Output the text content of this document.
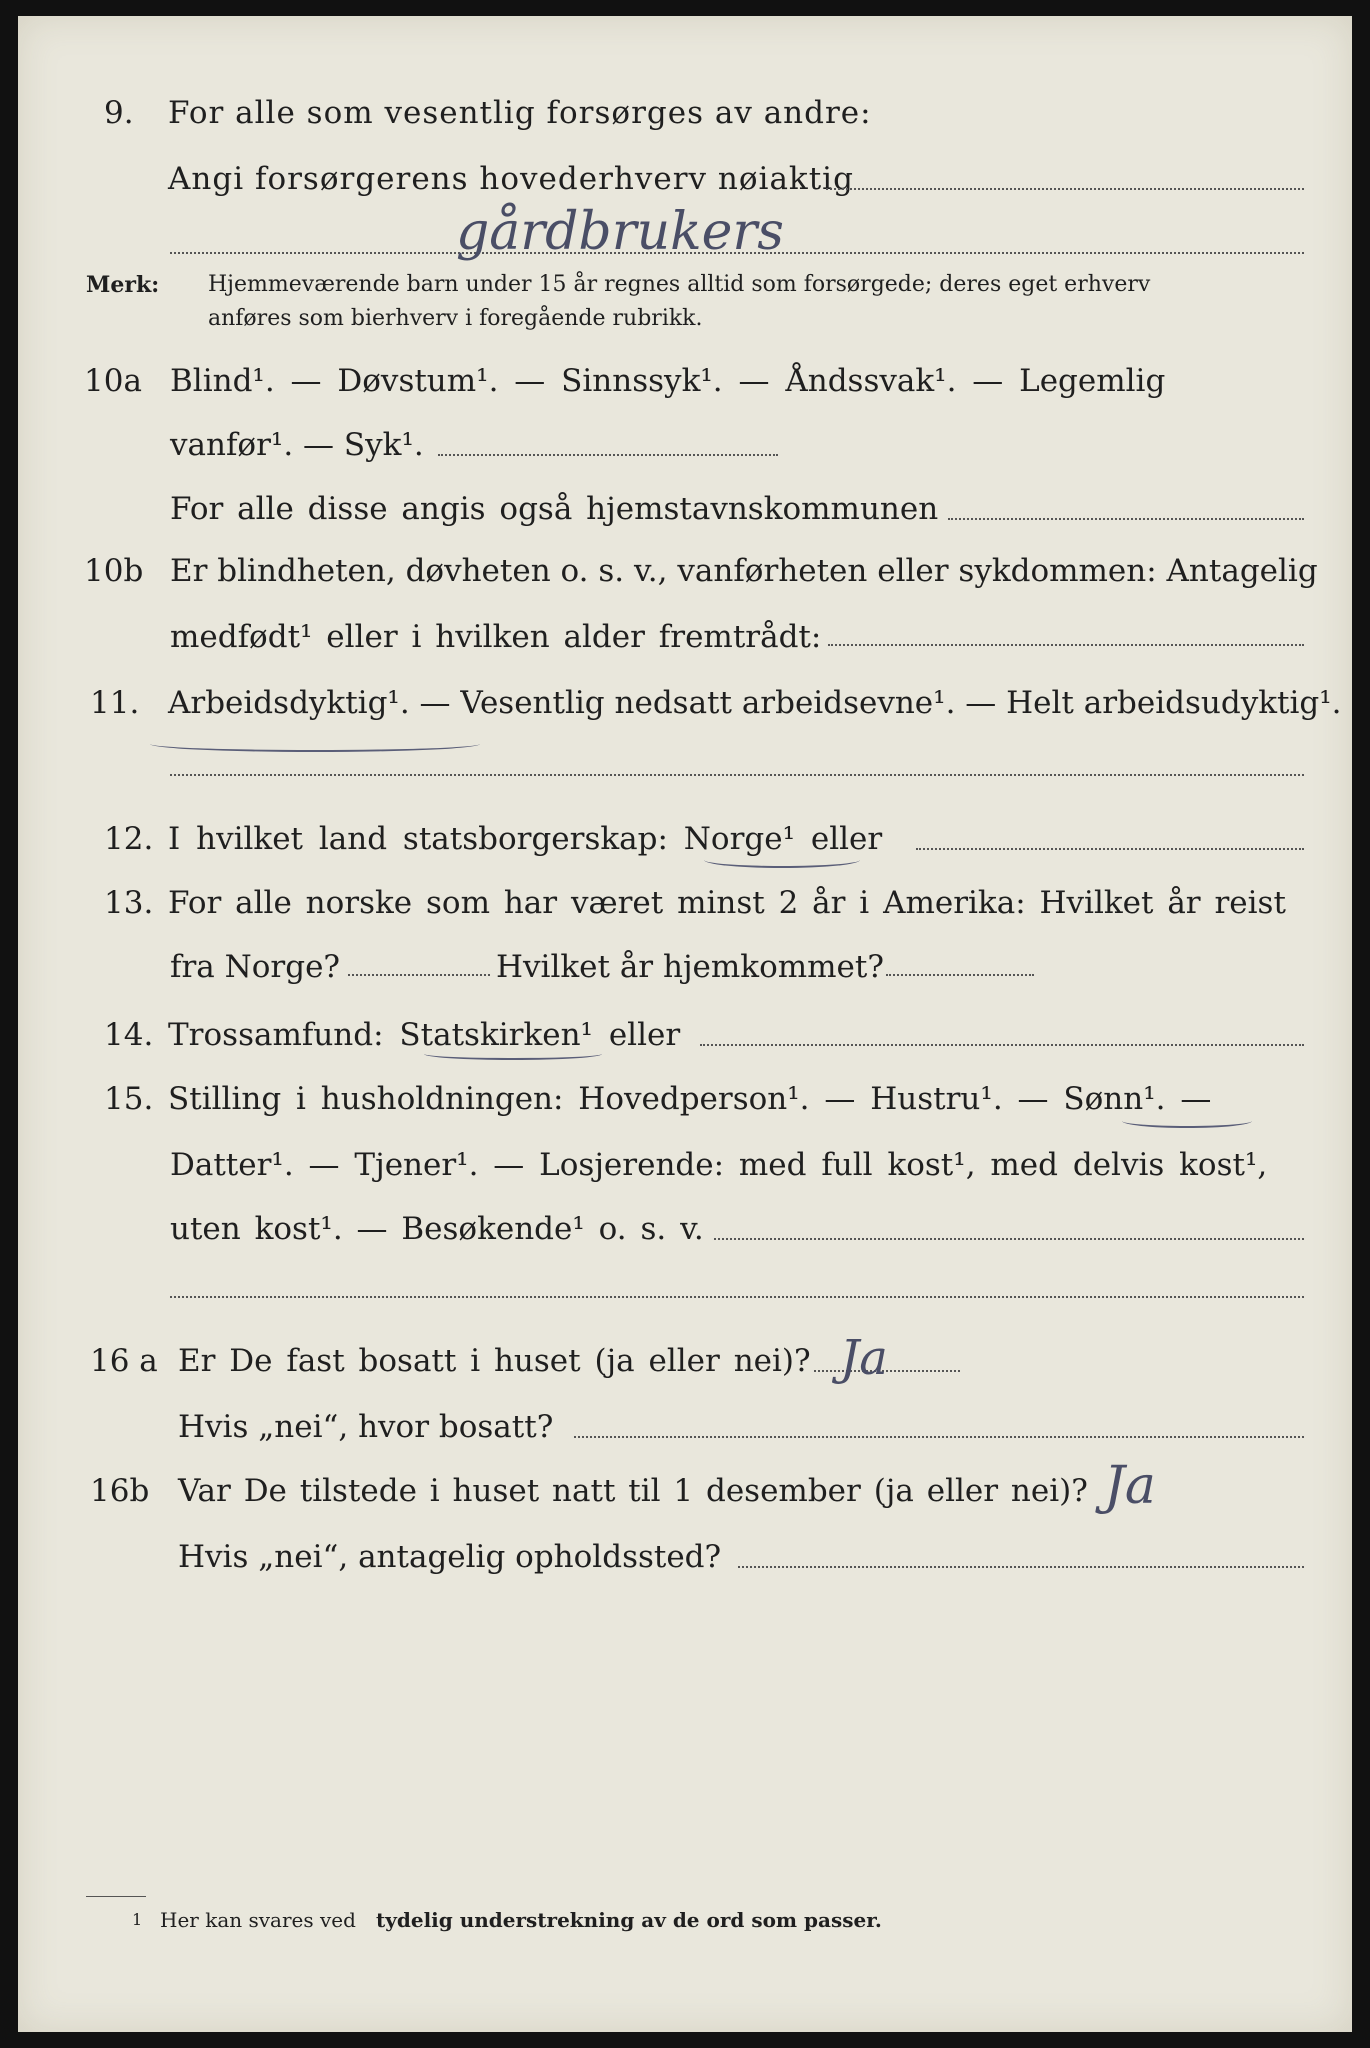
9. For alle som vesentlig forsørges av andre:
Angi forsørgerens hovederhverv nøiaktig
gårdbrukers
Merk: Hjemmeværende barn under 15 år regnes alltid som forsørgede; deres eget erhverv
anføres som bierhverv i foregående rubrikk.
10a Blind¹. — Døvstum¹. — Sinnssyk¹. — Åndssvak¹. — Legemlig
vanfør¹. — Syk¹.
For alle disse angis også hjemstavnskommunen
10b Er blindheten, døvheten o. s. v., vanførheten eller sykdommen: Antagelig
medfødt¹ eller i hvilken alder fremtrådt:
11. Arbeidsdyktig¹. — Vesentlig nedsatt arbeidsevne¹. — Helt arbeidsudyktig¹.
12. I hvilket land statsborgerskap: Norge¹ eller
13. For alle norske som har været minst 2 år i Amerika: Hvilket år reist
fra Norge?	Hvilket år hjemkommet?
14. Trossamfund: Statskirken¹ eller
15. Stilling i husholdningen: Hovedperson¹. — Hustru¹. — Sønn¹. —
Datter¹. — Tjener¹. — Losjerende: med full kost¹, med delvis kost¹,
uten kost¹. — Besøkende¹ o. s. v.
16 a Er De fast bosatt i huset (ja eller nei)? Ja
Hvis „nei“, hvor bosatt?
16b Var De tilstede i huset natt til 1 desember (ja eller nei)? Ja
Hvis „nei“, antagelig opholdssted?
1 Her kan svares ved tydelig understrekning av de ord som passer.
